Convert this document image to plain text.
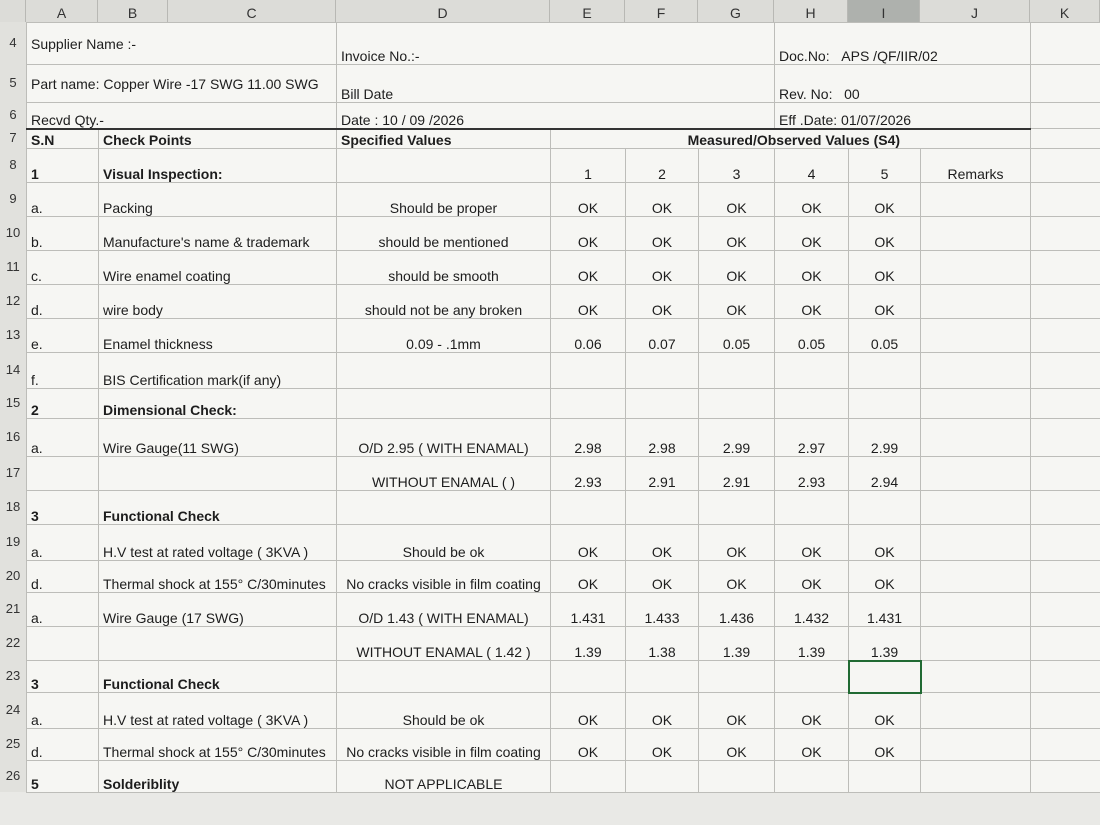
A	B	C	D	E	F	G	H	I	J	K
Supplier Name :-		Invoice No.:-				Doc.No: APS /QF/IIR/02			
Part name: Copper Wire -17 SWG 11.00 SWG		Bill Date				Rev. No: 00			
Recvd Qty.-		Date : 10 / 09 /2026				Eff .Date: 01/07/2026			
S.N	Check Points	Specified Values	Measured/Observed Values (S4)						
1	Visual Inspection:		1	2	3	4	5	Remarks	
a.	Packing	Should be proper	OK	OK	OK	OK	OK		
b.	Manufacture's name & trademark	should be mentioned	OK	OK	OK	OK	OK		
c.	Wire enamel coating	should be smooth	OK	OK	OK	OK	OK		
d.	wire body	should not be any broken	OK	OK	OK	OK	OK		
e.	Enamel thickness	0.09 - .1mm	0.06	0.07	0.05	0.05	0.05		
f.	BIS Certification mark(if any)								
2	Dimensional Check:								
a.	Wire Gauge(11 SWG)	O/D 2.95 ( WITH ENAMAL)	2.98	2.98	2.99	2.97	2.99		
		WITHOUT ENAMAL ( )	2.93	2.91	2.91	2.93	2.94		
3	Functional Check								
a.	H.V test at rated voltage ( 3KVA )	Should be ok	OK	OK	OK	OK	OK		
d.	Thermal shock at 155° C/30minutes	No cracks visible in film coating	OK	OK	OK	OK	OK		
a.	Wire Gauge (17 SWG)	O/D 1.43 ( WITH ENAMAL)	1.431	1.433	1.436	1.432	1.431		
		WITHOUT ENAMAL ( 1.42 )	1.39	1.38	1.39	1.39	1.39		
3	Functional Check								
a.	H.V test at rated voltage ( 3KVA )	Should be ok	OK	OK	OK	OK	OK		
d.	Thermal shock at 155° C/30minutes	No cracks visible in film coating	OK	OK	OK	OK	OK		
5	Solderiblity	NOT APPLICABLE							
4
5
6
7
8
9
10
11
12
13
14
15
16
17
18
19
20
21
22
23
24
25
26
